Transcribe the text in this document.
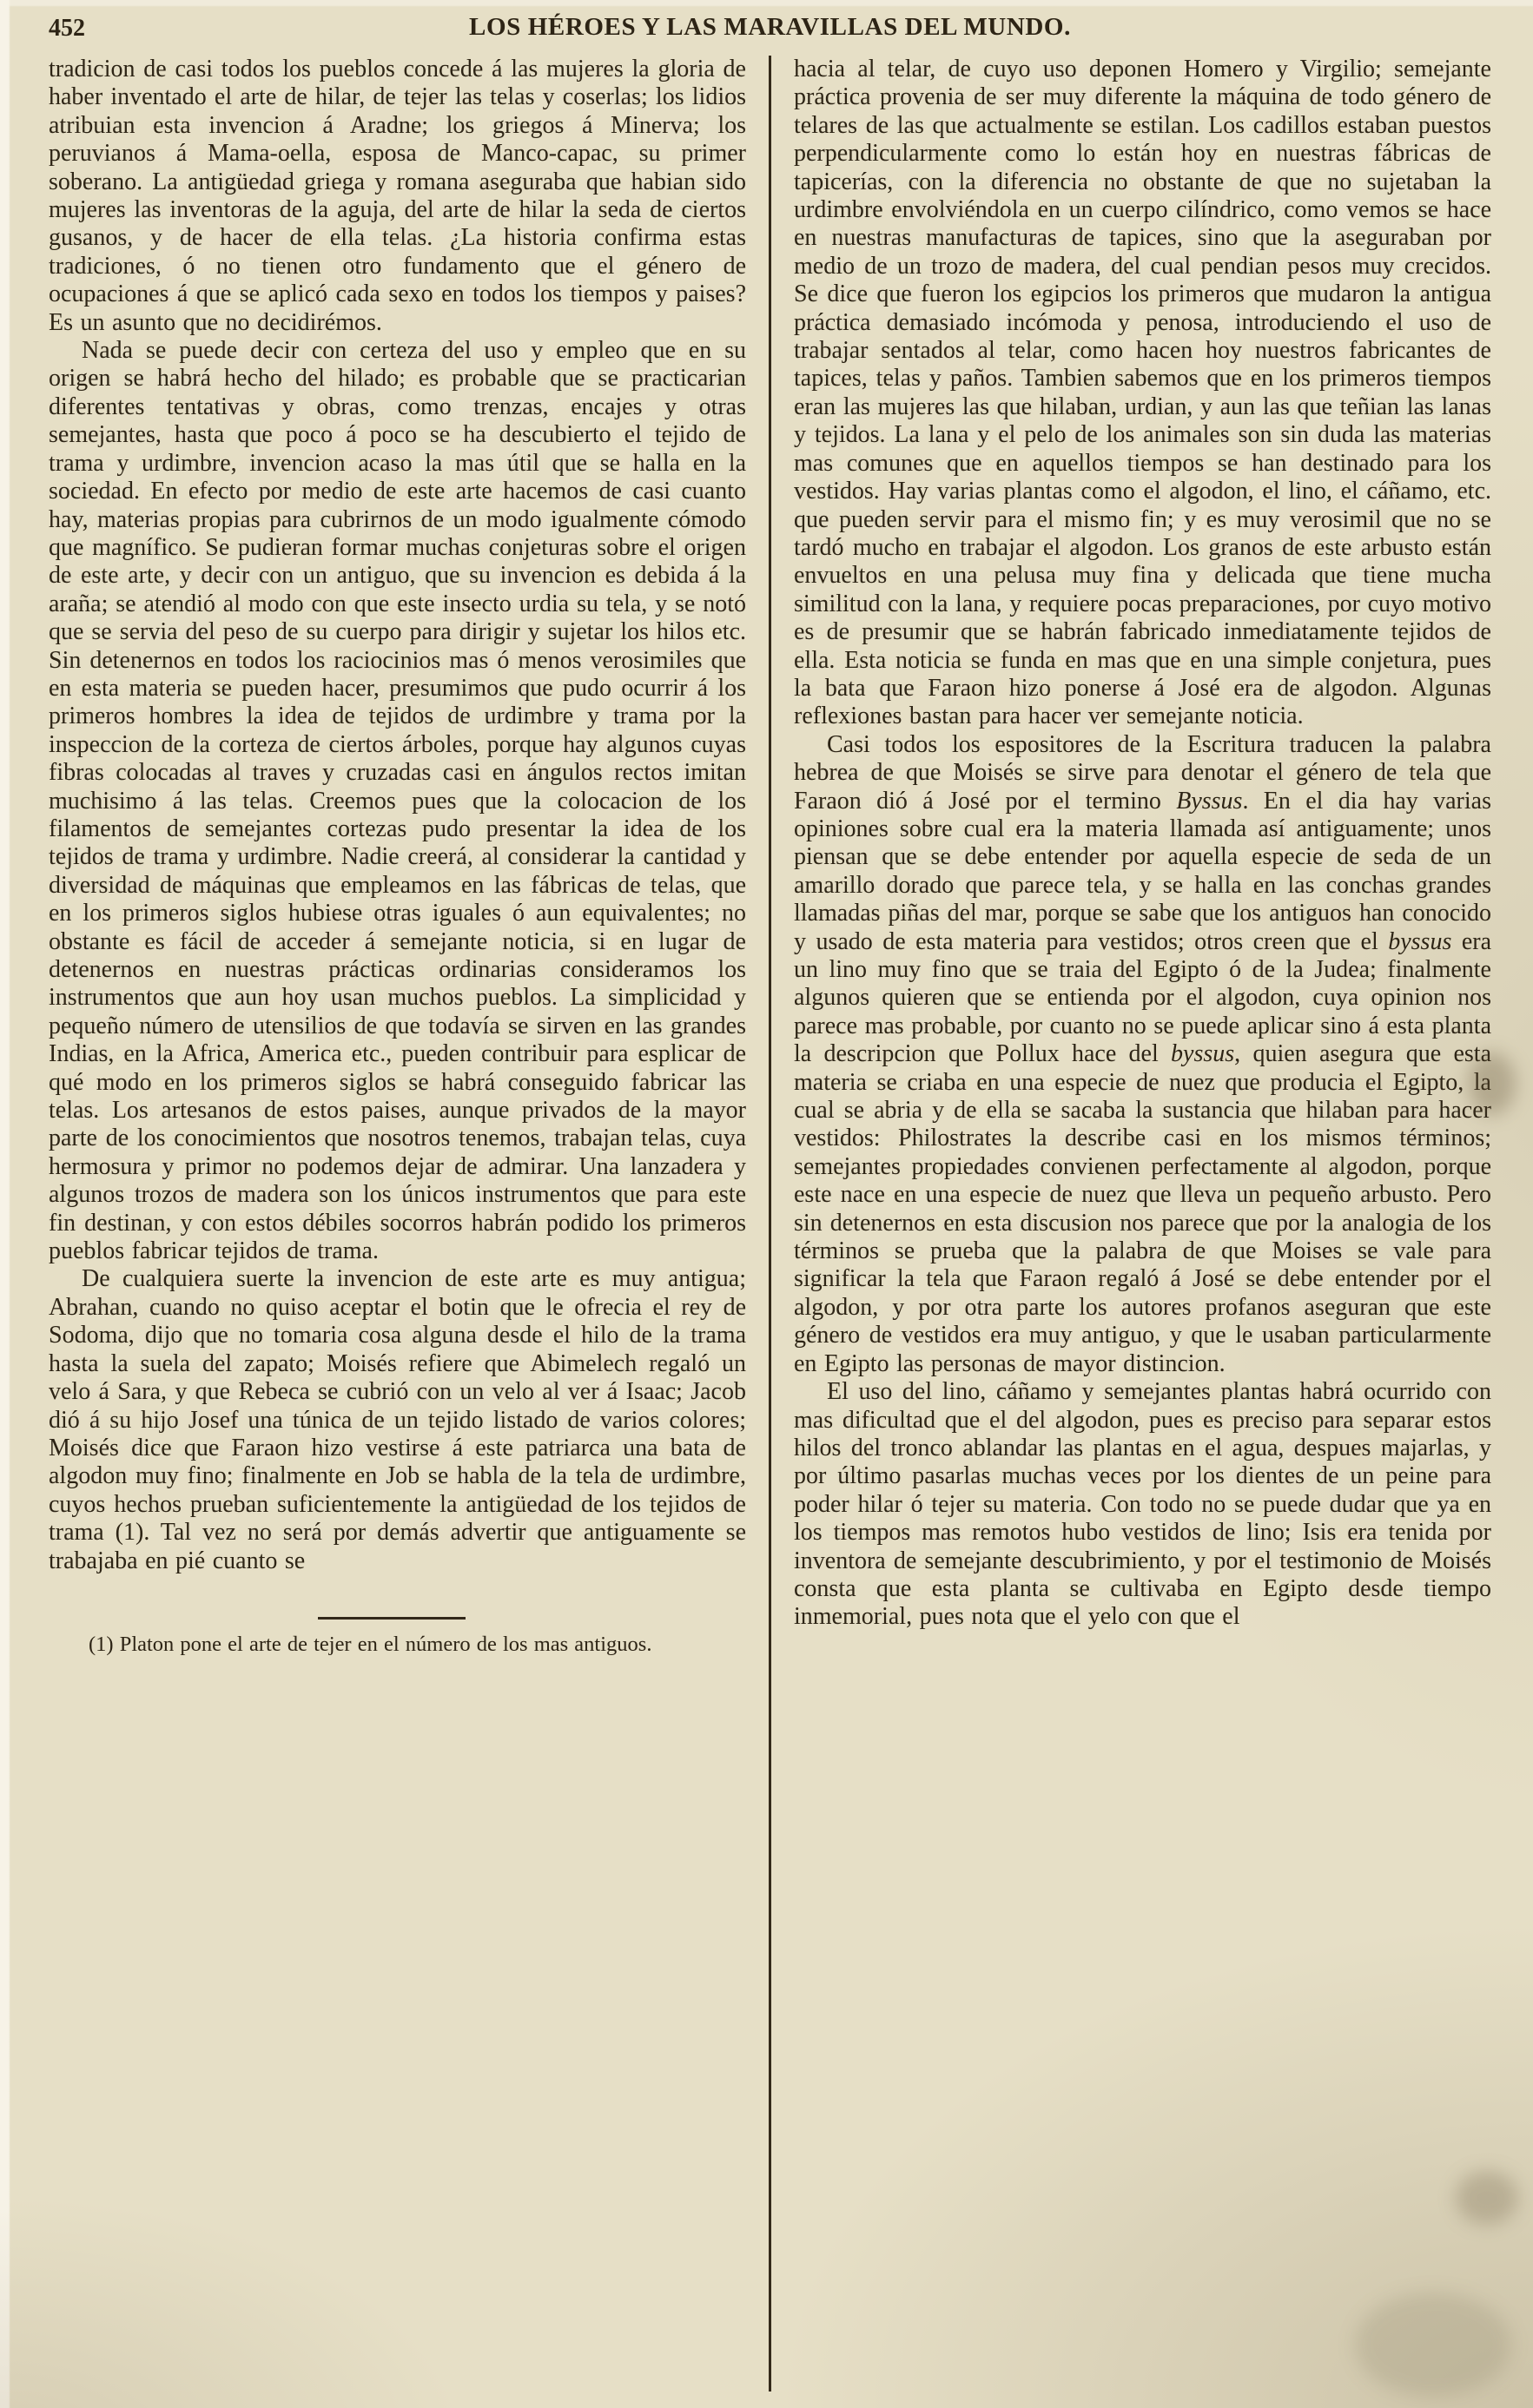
452	LOS HÉROES Y LAS MARAVILLAS DEL MUNDO.

tradicion de casi todos los pueblos concede á las mujeres la gloria de haber inventado el arte de hilar, de tejer las telas y coserlas; los lidios atribuian esta invencion á Aradne; los griegos á Minerva; los peruvianos á Mama-oella, esposa de Manco-capac, su primer soberano. La antigüedad griega y romana aseguraba que habian sido mujeres las inventoras de la aguja, del arte de hilar la seda de ciertos gusanos, y de hacer de ella telas. ¿La historia confirma estas tradiciones, ó no tienen otro fundamento que el género de ocupaciones á que se aplicó cada sexo en todos los tiempos y paises? Es un asunto que no decidirémos.

Nada se puede decir con certeza del uso y empleo que en su origen se habrá hecho del hilado; es probable que se practicarian diferentes tentativas y obras, como trenzas, encajes y otras semejantes, hasta que poco á poco se ha descubierto el tejido de trama y urdimbre, invencion acaso la mas útil que se halla en la sociedad. En efecto por medio de este arte hacemos de casi cuanto hay, materias propias para cubrirnos de un modo igualmente cómodo que magnífico. Se pudieran formar muchas conjeturas sobre el origen de este arte, y decir con un antiguo, que su invencion es debida á la araña; se atendió al modo con que este insecto urdia su tela, y se notó que se servia del peso de su cuerpo para dirigir y sujetar los hilos etc. Sin detenernos en todos los raciocinios mas ó menos verosimiles que en esta materia se pueden hacer, presumimos que pudo ocurrir á los primeros hombres la idea de tejidos de urdimbre y trama por la inspeccion de la corteza de ciertos árboles, porque hay algunos cuyas fibras colocadas al traves y cruzadas casi en ángulos rectos imitan muchisimo á las telas. Creemos pues que la colocacion de los filamentos de semejantes cortezas pudo presentar la idea de los tejidos de trama y urdimbre. Nadie creerá, al considerar la cantidad y diversidad de máquinas que empleamos en las fábricas de telas, que en los primeros siglos hubiese otras iguales ó aun equivalentes; no obstante es fácil de acceder á semejante noticia, si en lugar de detenernos en nuestras prácticas ordinarias consideramos los instrumentos que aun hoy usan muchos pueblos. La simplicidad y pequeño número de utensilios de que todavía se sirven en las grandes Indias, en la Africa, America etc., pueden contribuir para esplicar de qué modo en los primeros siglos se habrá conseguido fabricar las telas. Los artesanos de estos paises, aunque privados de la mayor parte de los conocimientos que nosotros tenemos, trabajan telas, cuya hermosura y primor no podemos dejar de admirar. Una lanzadera y algunos trozos de madera son los únicos instrumentos que para este fin destinan, y con estos débiles socorros habrán podido los primeros pueblos fabricar tejidos de trama.

De cualquiera suerte la invencion de este arte es muy antigua; Abrahan, cuando no quiso aceptar el botin que le ofrecia el rey de Sodoma, dijo que no tomaria cosa alguna desde el hilo de la trama hasta la suela del zapato; Moisés refiere que Abimelech regaló un velo á Sara, y que Rebeca se cubrió con un velo al ver á Isaac; Jacob dió á su hijo Josef una túnica de un tejido listado de varios colores; Moisés dice que Faraon hizo vestirse á este patriarca una bata de algodon muy fino; finalmente en Job se habla de la tela de urdimbre, cuyos hechos prueban suficientemente la antigüedad de los tejidos de trama (1). Tal vez no será por demás advertir que antiguamente se trabajaba en pié cuanto se

(1) Platon pone el arte de tejer en el número de los mas antiguos.

hacia al telar, de cuyo uso deponen Homero y Virgilio; semejante práctica provenia de ser muy diferente la máquina de todo género de telares de las que actualmente se estilan. Los cadillos estaban puestos perpendicularmente como lo están hoy en nuestras fábricas de tapicerías, con la diferencia no obstante de que no sujetaban la urdimbre envolviéndola en un cuerpo cilíndrico, como vemos se hace en nuestras manufacturas de tapices, sino que la aseguraban por medio de un trozo de madera, del cual pendian pesos muy crecidos. Se dice que fueron los egipcios los primeros que mudaron la antigua práctica demasiado incómoda y penosa, introduciendo el uso de trabajar sentados al telar, como hacen hoy nuestros fabricantes de tapices, telas y paños. Tambien sabemos que en los primeros tiempos eran las mujeres las que hilaban, urdian, y aun las que teñian las lanas y tejidos. La lana y el pelo de los animales son sin duda las materias mas comunes que en aquellos tiempos se han destinado para los vestidos. Hay varias plantas como el algodon, el lino, el cáñamo, etc. que pueden servir para el mismo fin; y es muy verosimil que no se tardó mucho en trabajar el algodon. Los granos de este arbusto están envueltos en una pelusa muy fina y delicada que tiene mucha similitud con la lana, y requiere pocas preparaciones, por cuyo motivo es de presumir que se habrán fabricado inmediatamente tejidos de ella. Esta noticia se funda en mas que en una simple conjetura, pues la bata que Faraon hizo ponerse á José era de algodon. Algunas reflexiones bastan para hacer ver semejante noticia.

Casi todos los espositores de la Escritura traducen la palabra hebrea de que Moisés se sirve para denotar el género de tela que Faraon dió á José por el termino Byssus. En el dia hay varias opiniones sobre cual era la materia llamada así antiguamente; unos piensan que se debe entender por aquella especie de seda de un amarillo dorado que parece tela, y se halla en las conchas grandes llamadas piñas del mar, porque se sabe que los antiguos han conocido y usado de esta materia para vestidos; otros creen que el byssus era un lino muy fino que se traia del Egipto ó de la Judea; finalmente algunos quieren que se entienda por el algodon, cuya opinion nos parece mas probable, por cuanto no se puede aplicar sino á esta planta la descripcion que Pollux hace del byssus, quien asegura que esta materia se criaba en una especie de nuez que producia el Egipto, la cual se abria y de ella se sacaba la sustancia que hilaban para hacer vestidos: Philostrates la describe casi en los mismos términos; semejantes propiedades convienen perfectamente al algodon, porque este nace en una especie de nuez que lleva un pequeño arbusto. Pero sin detenernos en esta discusion nos parece que por la analogia de los términos se prueba que la palabra de que Moises se vale para significar la tela que Faraon regaló á José se debe entender por el algodon, y por otra parte los autores profanos aseguran que este género de vestidos era muy antiguo, y que le usaban particularmente en Egipto las personas de mayor distincion.

El uso del lino, cáñamo y semejantes plantas habrá ocurrido con mas dificultad que el del algodon, pues es preciso para separar estos hilos del tronco ablandar las plantas en el agua, despues majarlas, y por último pasarlas muchas veces por los dientes de un peine para poder hilar ó tejer su materia. Con todo no se puede dudar que ya en los tiempos mas remotos hubo vestidos de lino; Isis era tenida por inventora de semejante descubrimiento, y por el testimonio de Moisés consta que esta planta se cultivaba en Egipto desde tiempo inmemorial, pues nota que el yelo con que el
